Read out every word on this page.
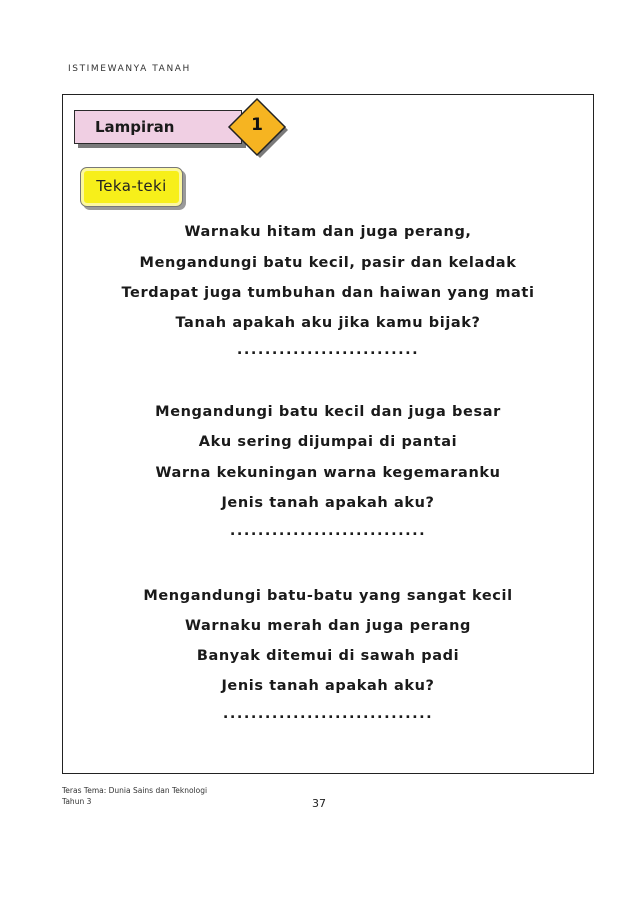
ISTIMEWANYA TANAH
Lampiran	1
Teka-teki
Warnaku hitam dan juga perang,
Mengandungi batu kecil, pasir dan keladak
Terdapat juga tumbuhan dan haiwan yang mati
Tanah apakah aku jika kamu bijak?
..........................
Mengandungi batu kecil dan juga besar
Aku sering dijumpai di pantai
Warna kekuningan warna kegemaranku
Jenis tanah apakah aku?
............................
Mengandungi batu-batu yang sangat kecil
Warnaku merah dan juga perang
Banyak ditemui di sawah padi
Jenis tanah apakah aku?
..............................
Teras Tema: Dunia Sains dan Teknologi
Tahun 3	37
